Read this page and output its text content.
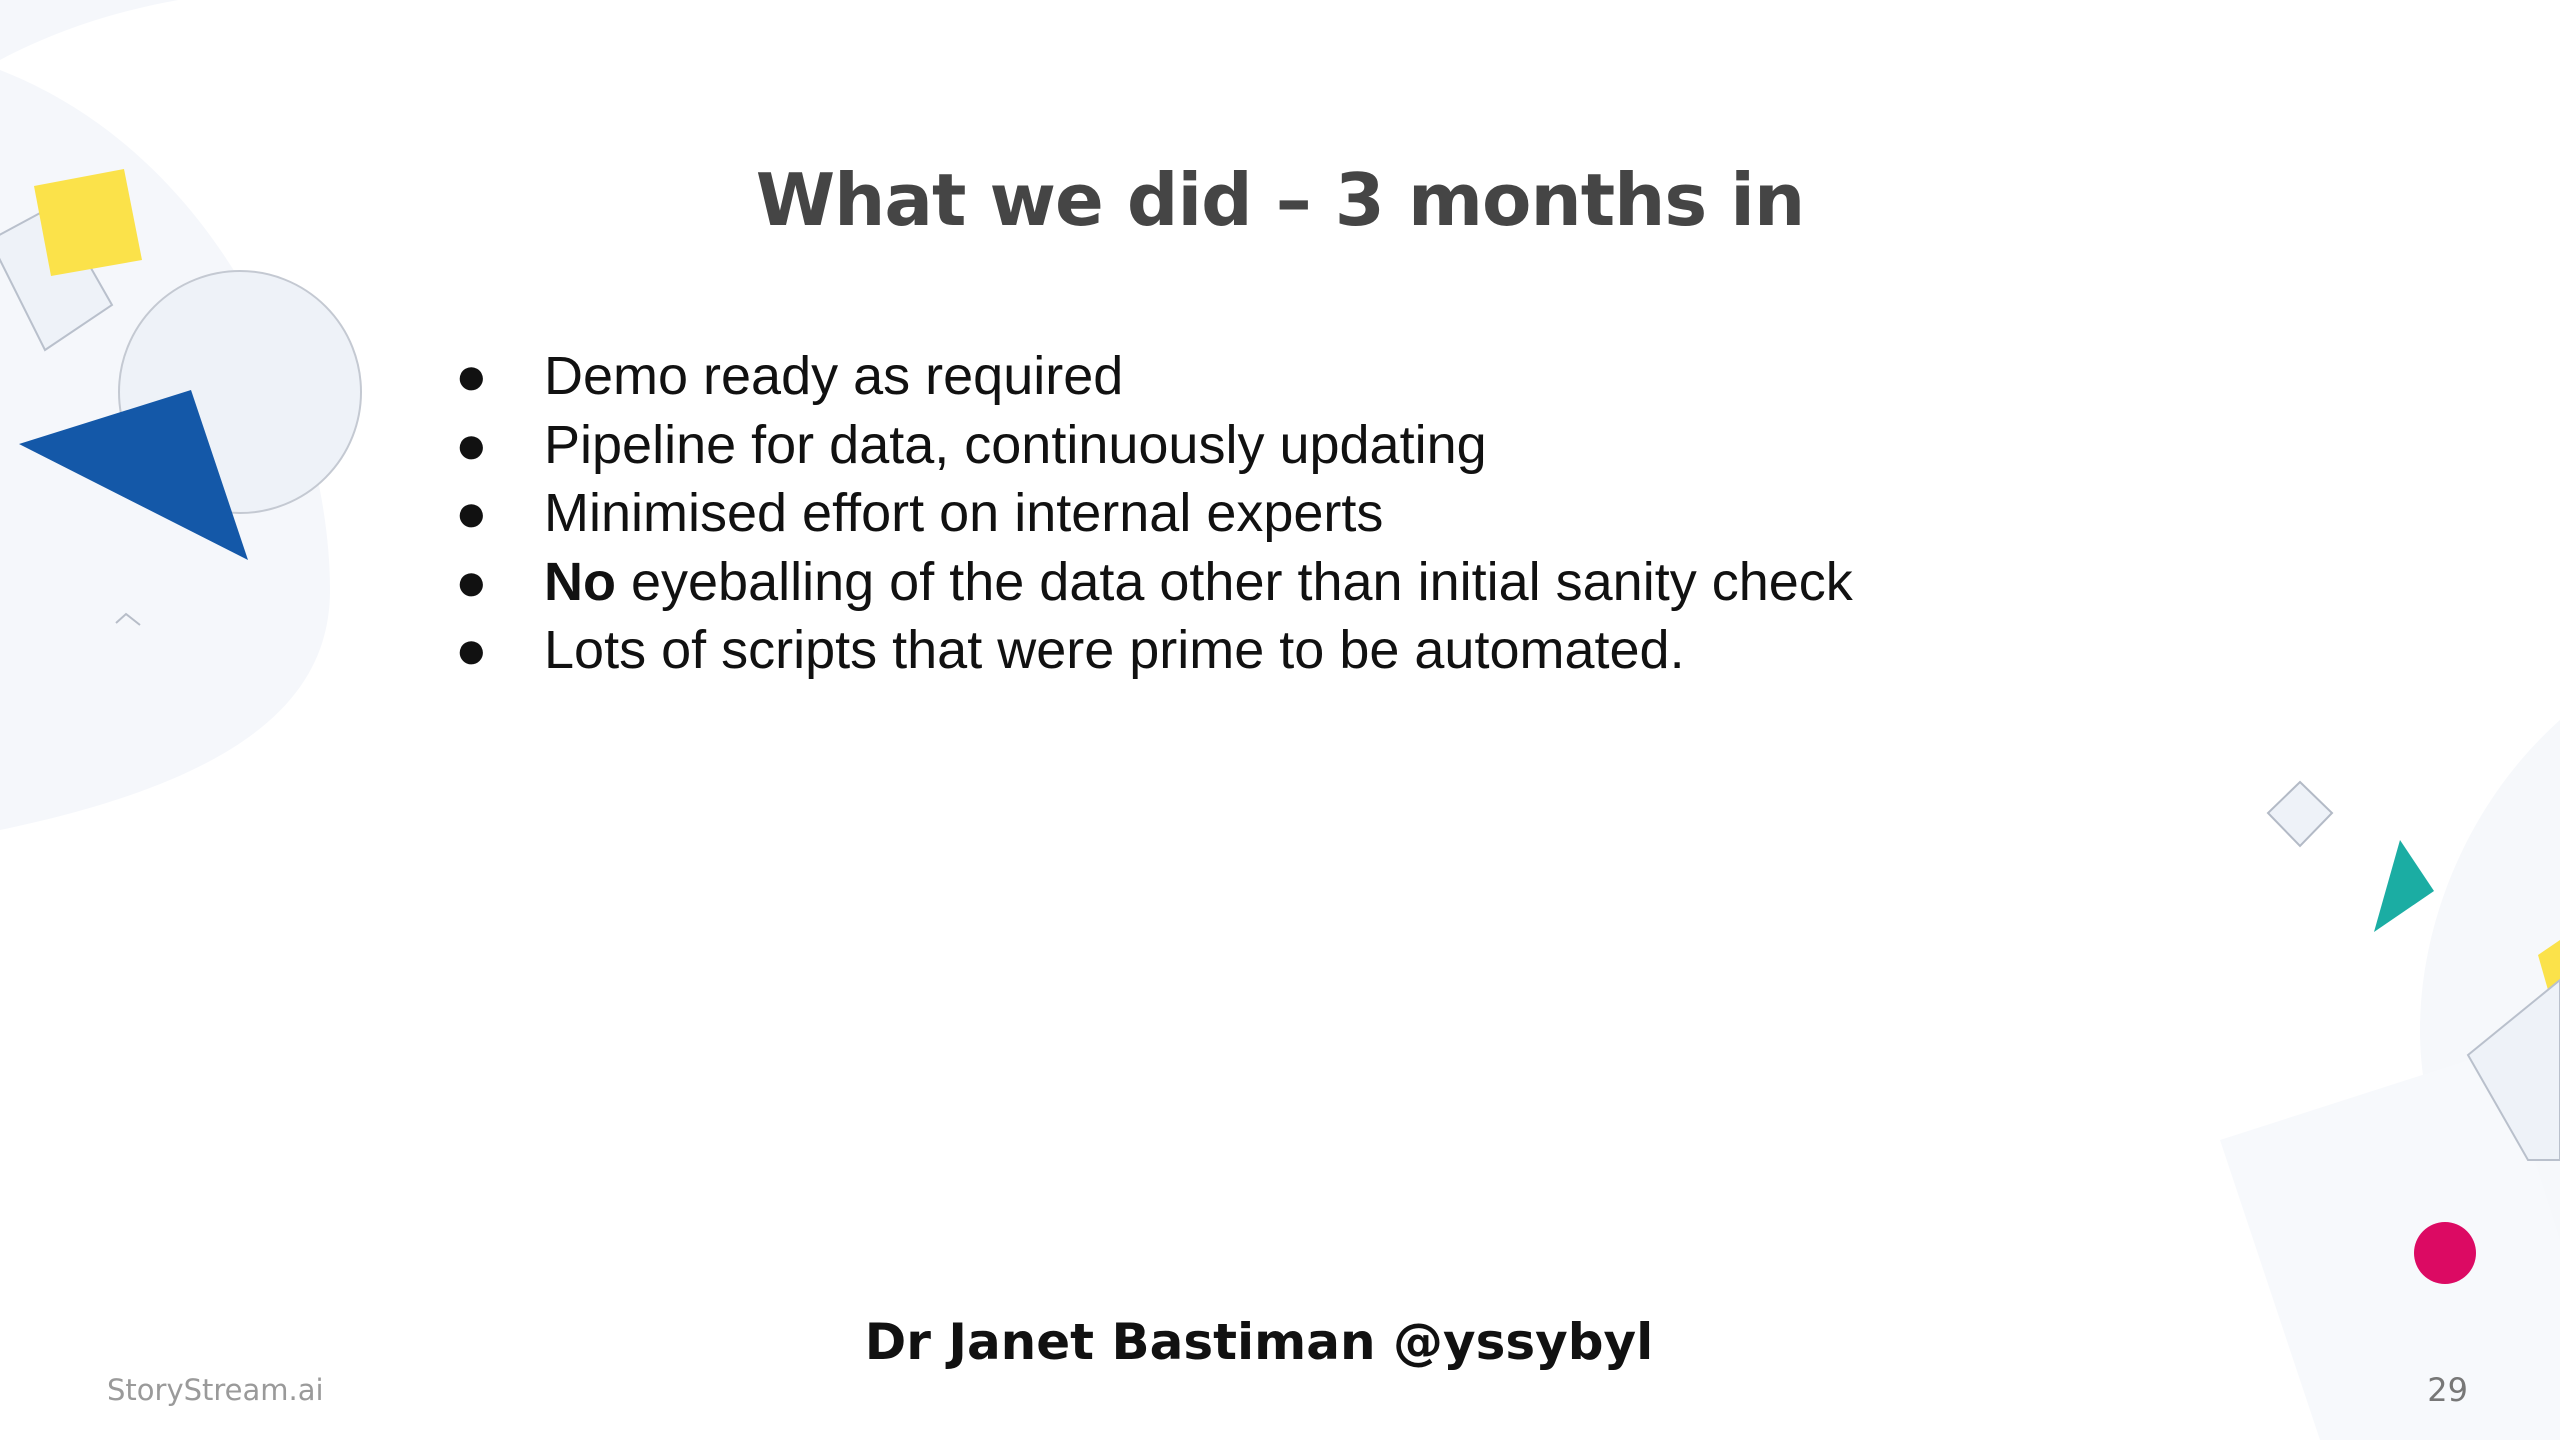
What we did – 3 months in
● Demo ready as required
● Pipeline for data, continuously updating
● Minimised effort on internal experts
● No eyeballing of the data other than initial sanity check
● Lots of scripts that were prime to be automated.
Dr Janet Bastiman @yssybyl
StoryStream.ai	29
